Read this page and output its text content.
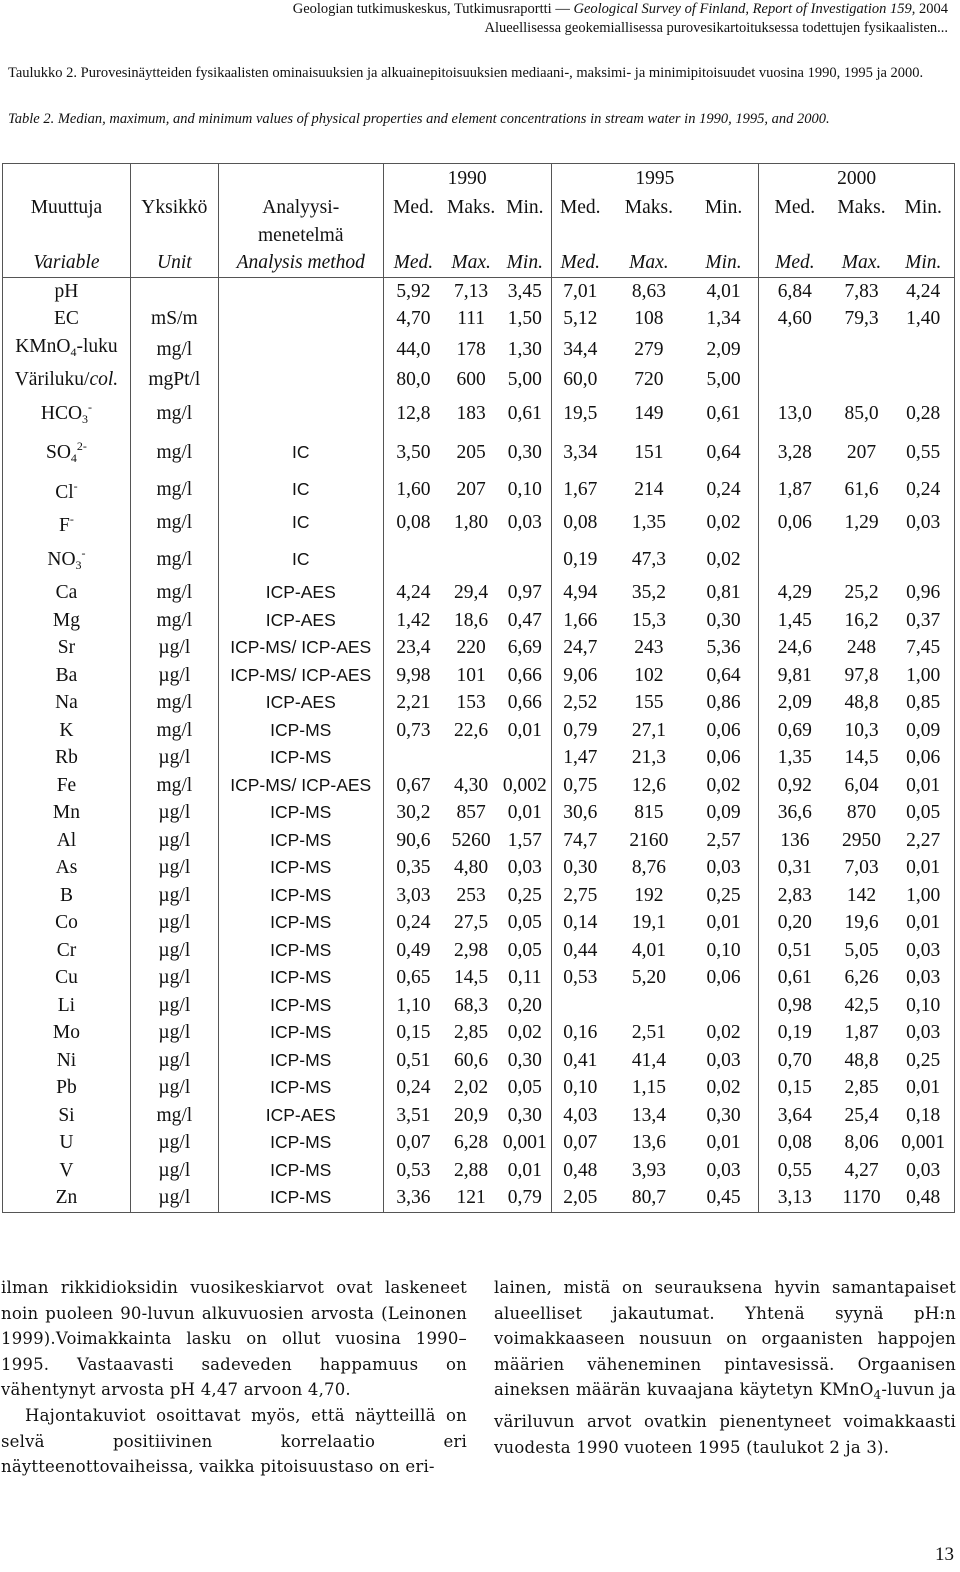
Geologian tutkimuskeskus, Tutkimusraportti — Geological Survey of Finland, Report of Investigation 159, 2004
Alueellisessa geokemiallisessa purovesikartoituksessa todettujen fysikaalisten...
Taulukko 2. Purovesinäytteiden fysikaalisten ominaisuuksien ja alkuainepitoisuuksien mediaani-, maksimi- ja minimipitoisuudet vuosina 1990, 1995 ja 2000.
Table 2. Median, maximum, and minimum values of physical properties and element concentrations in stream water in 1990, 1995, and 2000.
			1990			1995			2000		
Muuttuja	Yksikkö	Analyysi-	Med.	Maks.	Min.	Med.	Maks.	Min.	Med.	Maks.	Min.
		menetelmä									
Variable	Unit	Analysis method	Med.	Max.	Min.	Med.	Max.	Min.	Med.	Max.	Min.
pH			5,92	7,13	3,45	7,01	8,63	4,01	6,84	7,83	4,24
EC	mS/m		4,70	111	1,50	5,12	108	1,34	4,60	79,3	1,40
KMnO$_4$-luku	mg/l		44,0	178	1,30	34,4	279	2,09			
Väriluku/col.	mgPt/l		80,0	600	5,00	60,0	720	5,00			
$HCO_3^-$	mg/l		12,8	183	0,61	19,5	149	0,61	13,0	85,0	0,28
$SO_4^{2-}$	mg/l	IC	3,50	205	0,30	3,34	151	0,64	3,28	207	0,55
Cl-	mg/l	IC	1,60	207	0,10	1,67	214	0,24	1,87	61,6	0,24
F-	mg/l	IC	0,08	1,80	0,03	0,08	1,35	0,02	0,06	1,29	0,03
$NO_3^-$	mg/l	IC				0,19	47,3	0,02			
Ca	mg/l	ICP-AES	4,24	29,4	0,97	4,94	35,2	0,81	4,29	25,2	0,96
Mg	mg/l	ICP-AES	1,42	18,6	0,47	1,66	15,3	0,30	1,45	16,2	0,37
Sr	µg/l	ICP-MS/ ICP-AES	23,4	220	6,69	24,7	243	5,36	24,6	248	7,45
Ba	µg/l	ICP-MS/ ICP-AES	9,98	101	0,66	9,06	102	0,64	9,81	97,8	1,00
Na	mg/l	ICP-AES	2,21	153	0,66	2,52	155	0,86	2,09	48,8	0,85
K	mg/l	ICP-MS	0,73	22,6	0,01	0,79	27,1	0,06	0,69	10,3	0,09
Rb	µg/l	ICP-MS				1,47	21,3	0,06	1,35	14,5	0,06
Fe	mg/l	ICP-MS/ ICP-AES	0,67	4,30	0,002	0,75	12,6	0,02	0,92	6,04	0,01
Mn	µg/l	ICP-MS	30,2	857	0,01	30,6	815	0,09	36,6	870	0,05
Al	µg/l	ICP-MS	90,6	5260	1,57	74,7	2160	2,57	136	2950	2,27
As	µg/l	ICP-MS	0,35	4,80	0,03	0,30	8,76	0,03	0,31	7,03	0,01
B	µg/l	ICP-MS	3,03	253	0,25	2,75	192	0,25	2,83	142	1,00
Co	µg/l	ICP-MS	0,24	27,5	0,05	0,14	19,1	0,01	0,20	19,6	0,01
Cr	µg/l	ICP-MS	0,49	2,98	0,05	0,44	4,01	0,10	0,51	5,05	0,03
Cu	µg/l	ICP-MS	0,65	14,5	0,11	0,53	5,20	0,06	0,61	6,26	0,03
Li	µg/l	ICP-MS	1,10	68,3	0,20				0,98	42,5	0,10
Mo	µg/l	ICP-MS	0,15	2,85	0,02	0,16	2,51	0,02	0,19	1,87	0,03
Ni	µg/l	ICP-MS	0,51	60,6	0,30	0,41	41,4	0,03	0,70	48,8	0,25
Pb	µg/l	ICP-MS	0,24	2,02	0,05	0,10	1,15	0,02	0,15	2,85	0,01
Si	mg/l	ICP-AES	3,51	20,9	0,30	4,03	13,4	0,30	3,64	25,4	0,18
U	µg/l	ICP-MS	0,07	6,28	0,001	0,07	13,6	0,01	0,08	8,06	0,001
V	µg/l	ICP-MS	0,53	2,88	0,01	0,48	3,93	0,03	0,55	4,27	0,03
Zn	µg/l	ICP-MS	3,36	121	0,79	2,05	80,7	0,45	3,13	1170	0,48

ilman rikkidioksidin vuosikeskiarvot ovat laskeneet noin puoleen 90-luvun alkuvuosien arvosta (Leinonen 1999).Voimakkainta lasku on ollut vuosina 1990–1995. Vastaavasti sadeveden happamuus on vähentynyt arvosta pH 4,47 arvoon 4,70.

Hajontakuviot osoittavat myös, että näytteillä on selvä positiivinen korrelaatio eri näytteenottovaiheissa, vaikka pitoisuustaso on eri-

lainen, mistä on seurauksena hyvin samantapaiset alueelliset jakautumat. Yhtenä syynä pH:n voimakkaaseen nousuun on orgaanisten happojen määrien väheneminen pintavesissä. Orgaanisen aineksen määrän kuvaajana käytetyn KMnO$_4$-luvun ja väriluvun arvot ovatkin pienentyneet voimakkaasti vuodesta 1990 vuoteen 1995 (taulukot 2 ja 3).

13
